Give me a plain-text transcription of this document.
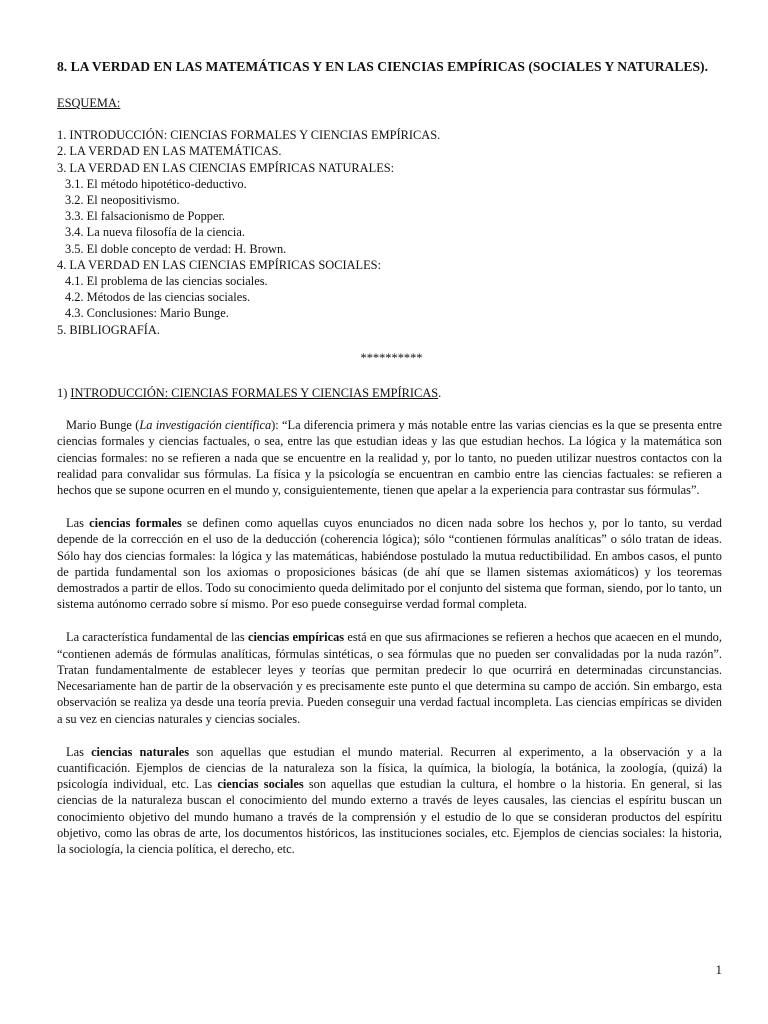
8. LA VERDAD EN LAS MATEMÁTICAS Y EN LAS CIENCIAS EMPÍRICAS (SOCIALES Y NATURALES).
ESQUEMA:
1. INTRODUCCIÓN: CIENCIAS FORMALES Y CIENCIAS EMPÍRICAS.
2. LA VERDAD EN LAS MATEMÁTICAS.
3. LA VERDAD EN LAS CIENCIAS EMPÍRICAS NATURALES:
3.1. El método hipotético-deductivo.
3.2. El neopositivismo.
3.3. El falsacionismo de Popper.
3.4. La nueva filosofía de la ciencia.
3.5. El doble concepto de verdad: H. Brown.
4. LA VERDAD EN LAS CIENCIAS EMPÍRICAS SOCIALES:
4.1. El problema de las ciencias sociales.
4.2. Métodos de las ciencias sociales.
4.3. Conclusiones: Mario Bunge.
5. BIBLIOGRAFÍA.
**********
1) INTRODUCCIÓN: CIENCIAS FORMALES Y CIENCIAS EMPÍRICAS.

Mario Bunge (La investigación científica): “La diferencia primera y más notable entre las varias ciencias es la que se presenta entre ciencias formales y ciencias factuales, o sea, entre las que estudian ideas y las que estudian hechos. La lógica y la matemática son ciencias formales: no se refieren a nada que se encuentre en la realidad y, por lo tanto, no pueden utilizar nuestros contactos con la realidad para convalidar sus fórmulas. La física y la psicología se encuentran en cambio entre las ciencias factuales: se refieren a hechos que se supone ocurren en el mundo y, consiguientemente, tienen que apelar a la experiencia para contrastar sus fórmulas”.

Las ciencias formales se definen como aquellas cuyos enunciados no dicen nada sobre los hechos y, por lo tanto, su verdad depende de la corrección en el uso de la deducción (coherencia lógica); sólo “contienen fórmulas analíticas” o sólo tratan de ideas. Sólo hay dos ciencias formales: la lógica y las matemáticas, habiéndose postulado la mutua reductibilidad. En ambos casos, el punto de partida fundamental son los axiomas o proposiciones básicas (de ahí que se llamen sistemas axiomáticos) y los teoremas demostrados a partir de ellos. Todo su conocimiento queda delimitado por el conjunto del sistema que forman, siendo, por lo tanto, un sistema autónomo cerrado sobre sí mismo. Por eso puede conseguirse verdad formal completa.

La característica fundamental de las ciencias empíricas está en que sus afirmaciones se refieren a hechos que acaecen en el mundo, “contienen además de fórmulas analíticas, fórmulas sintéticas, o sea fórmulas que no pueden ser convalidadas por la nuda razón”. Tratan fundamentalmente de establecer leyes y teorías que permitan predecir lo que ocurrirá en determinadas circunstancias. Necesariamente han de partir de la observación y es precisamente este punto el que determina su campo de acción. Sin embargo, esta observación se realiza ya desde una teoría previa. Pueden conseguir una verdad factual incompleta. Las ciencias empíricas se dividen a su vez en ciencias naturales y ciencias sociales.

Las ciencias naturales son aquellas que estudian el mundo material. Recurren al experimento, a la observación y a la cuantificación. Ejemplos de ciencias de la naturaleza son la física, la química, la biología, la botánica, la zoología, (quizá) la psicología individual, etc. Las ciencias sociales son aquellas que estudian la cultura, el hombre o la historia. En general, si las ciencias de la naturaleza buscan el conocimiento del mundo externo a través de leyes causales, las ciencias el espíritu buscan un conocimiento objetivo del mundo humano a través de la comprensión y el estudio de lo que se consideran productos del espíritu objetivo, como las obras de arte, los documentos históricos, las instituciones sociales, etc. Ejemplos de ciencias sociales: la historia, la sociología, la ciencia política, el derecho, etc.

1
